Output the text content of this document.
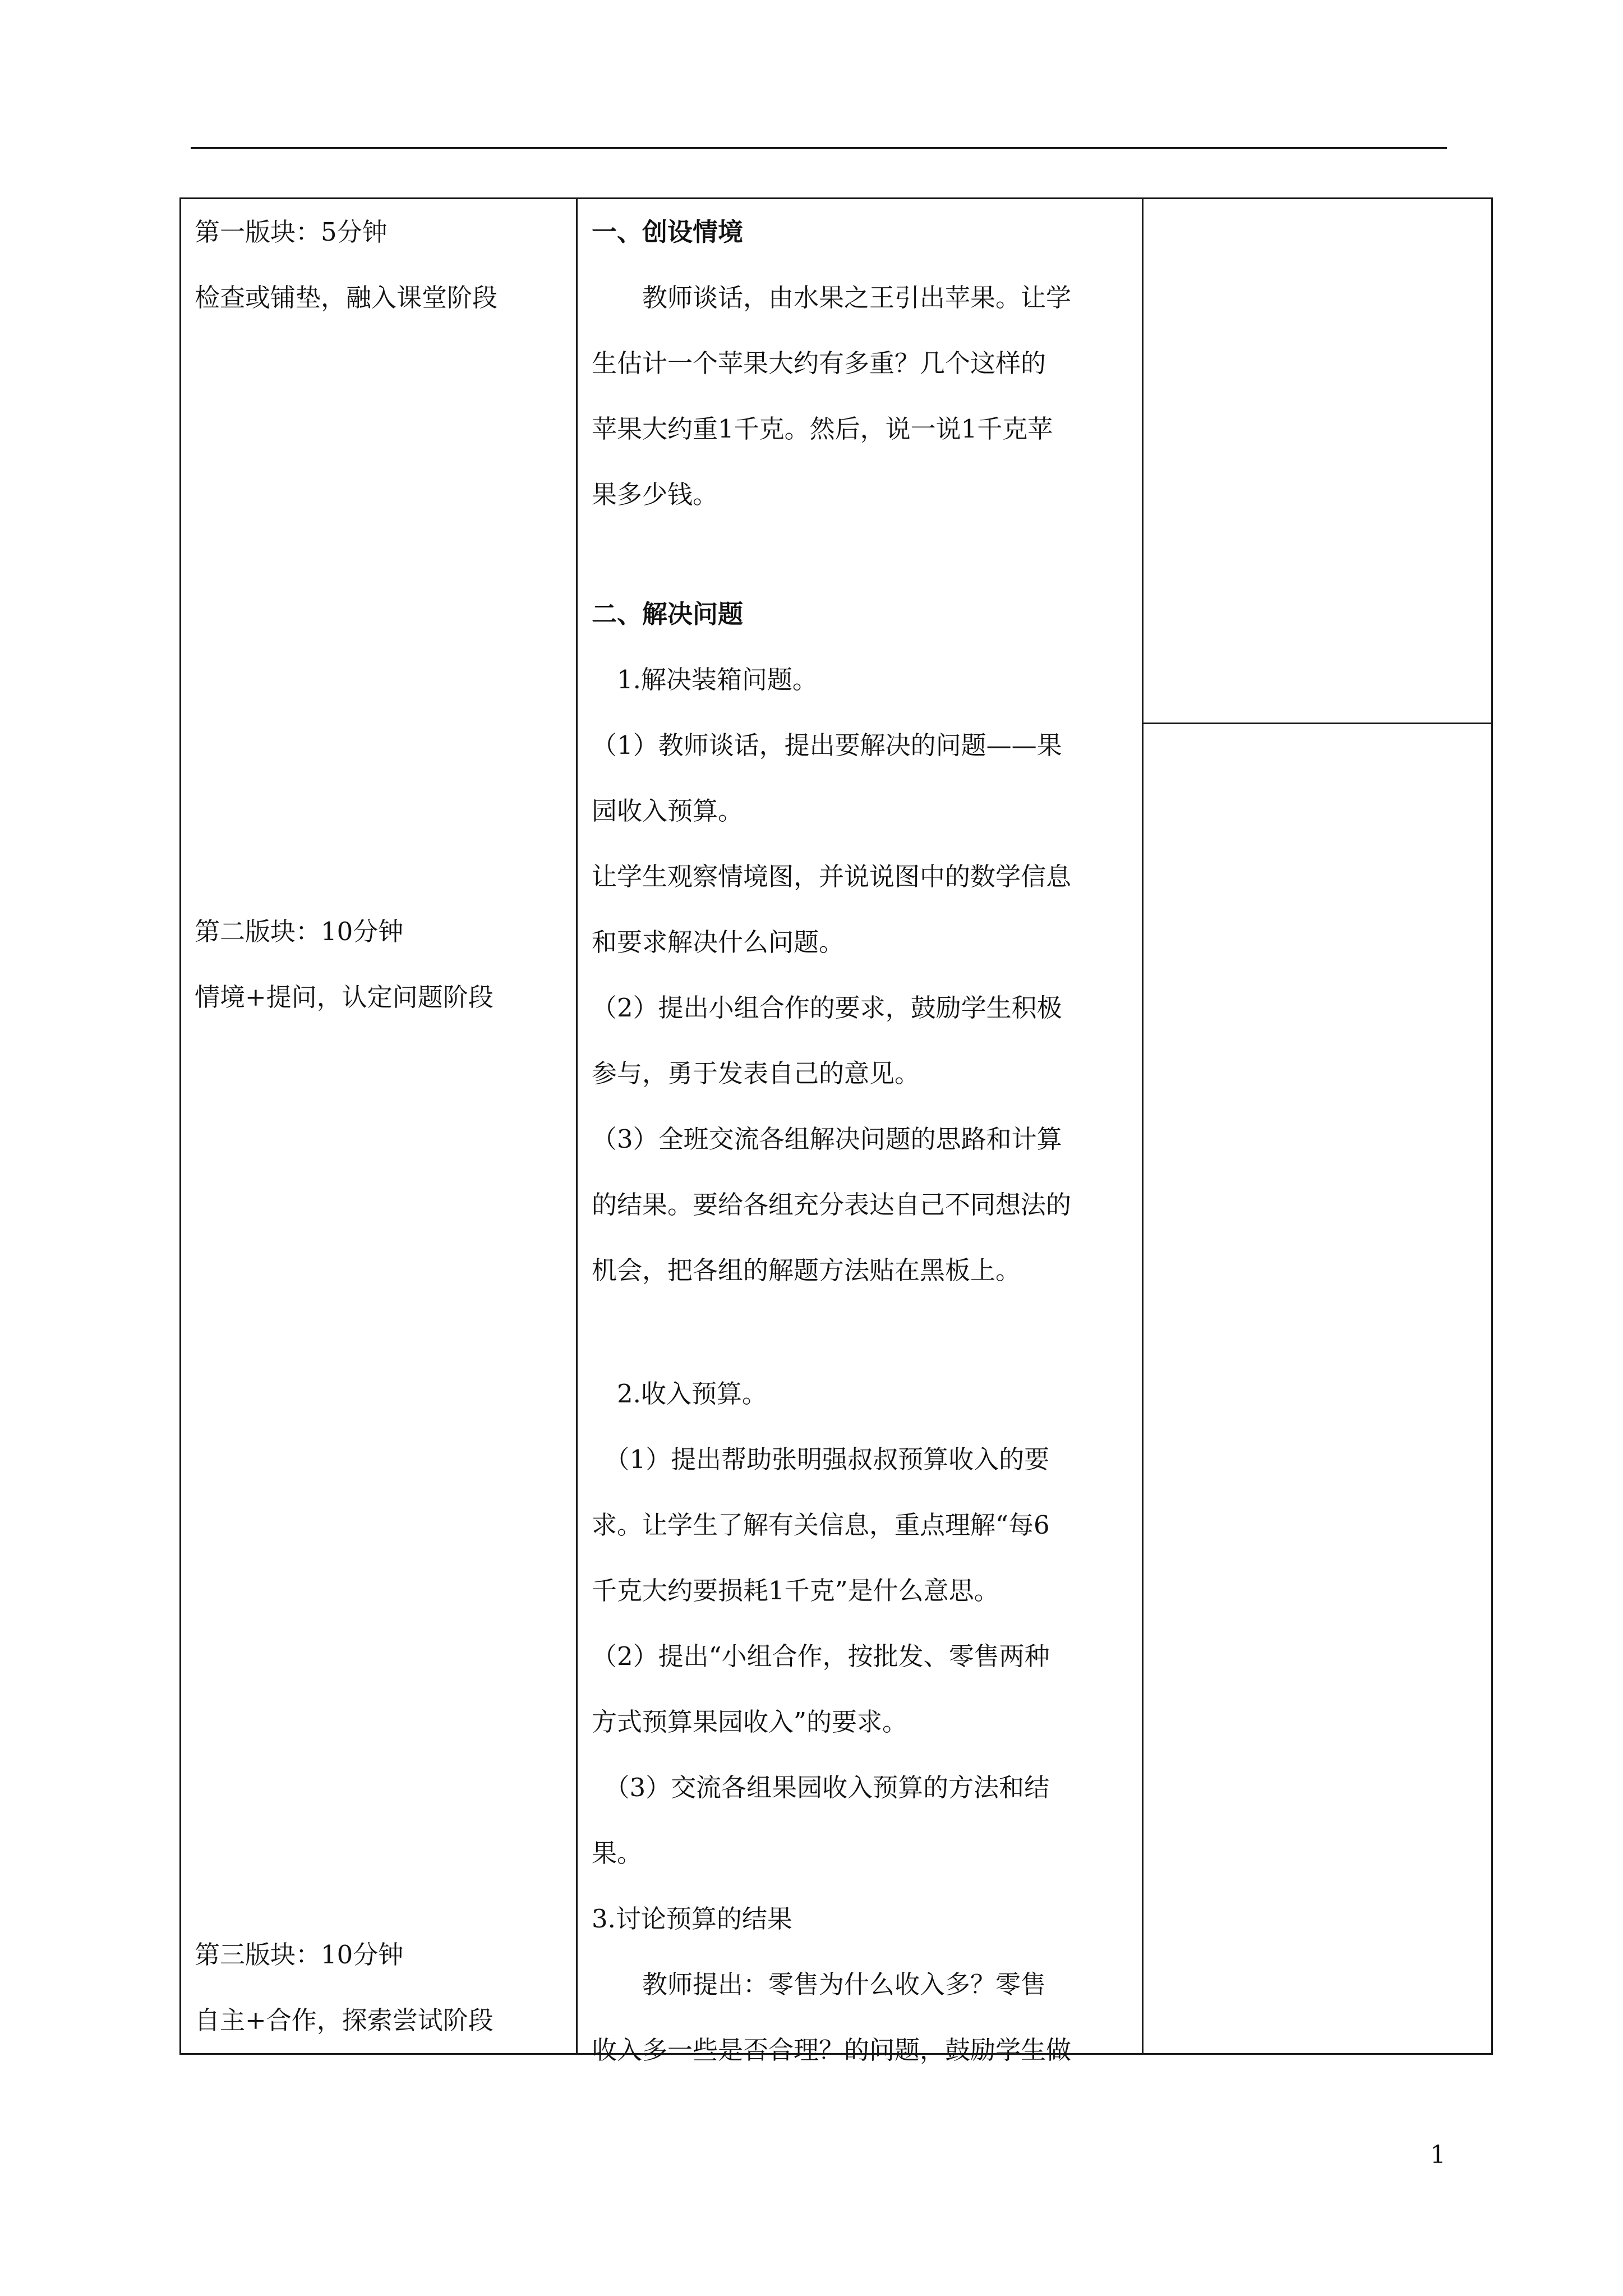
第一版块：5分钟
检查或铺垫，融入课堂阶段
第二版块：10分钟
情境+提问，认定问题阶段
第三版块：10分钟
自主+合作，探索尝试阶段
一、创设情境
　　教师谈话，由水果之王引出苹果。让学
生估计一个苹果大约有多重？几个这样的
苹果大约重1千克。然后，说一说1千克苹
果多少钱。
二、解决问题
　1.解决装箱问题。
（1）教师谈话，提出要解决的问题——果
园收入预算。
让学生观察情境图，并说说图中的数学信息
和要求解决什么问题。
（2）提出小组合作的要求，鼓励学生积极
参与，勇于发表自己的意见。
（3）全班交流各组解决问题的思路和计算
的结果。要给各组充分表达自己不同想法的
机会，把各组的解题方法贴在黑板上。
　2.收入预算。
　（1）提出帮助张明强叔叔预算收入的要
求。让学生了解有关信息，重点理解“每6
千克大约要损耗1千克”是什么意思。
（2）提出“小组合作，按批发、零售两种
方式预算果园收入”的要求。
　（3）交流各组果园收入预算的方法和结
果。
3.讨论预算的结果
　　教师提出：零售为什么收入多？零售
收入多一些是否合理？的问题，鼓励学生做
1
